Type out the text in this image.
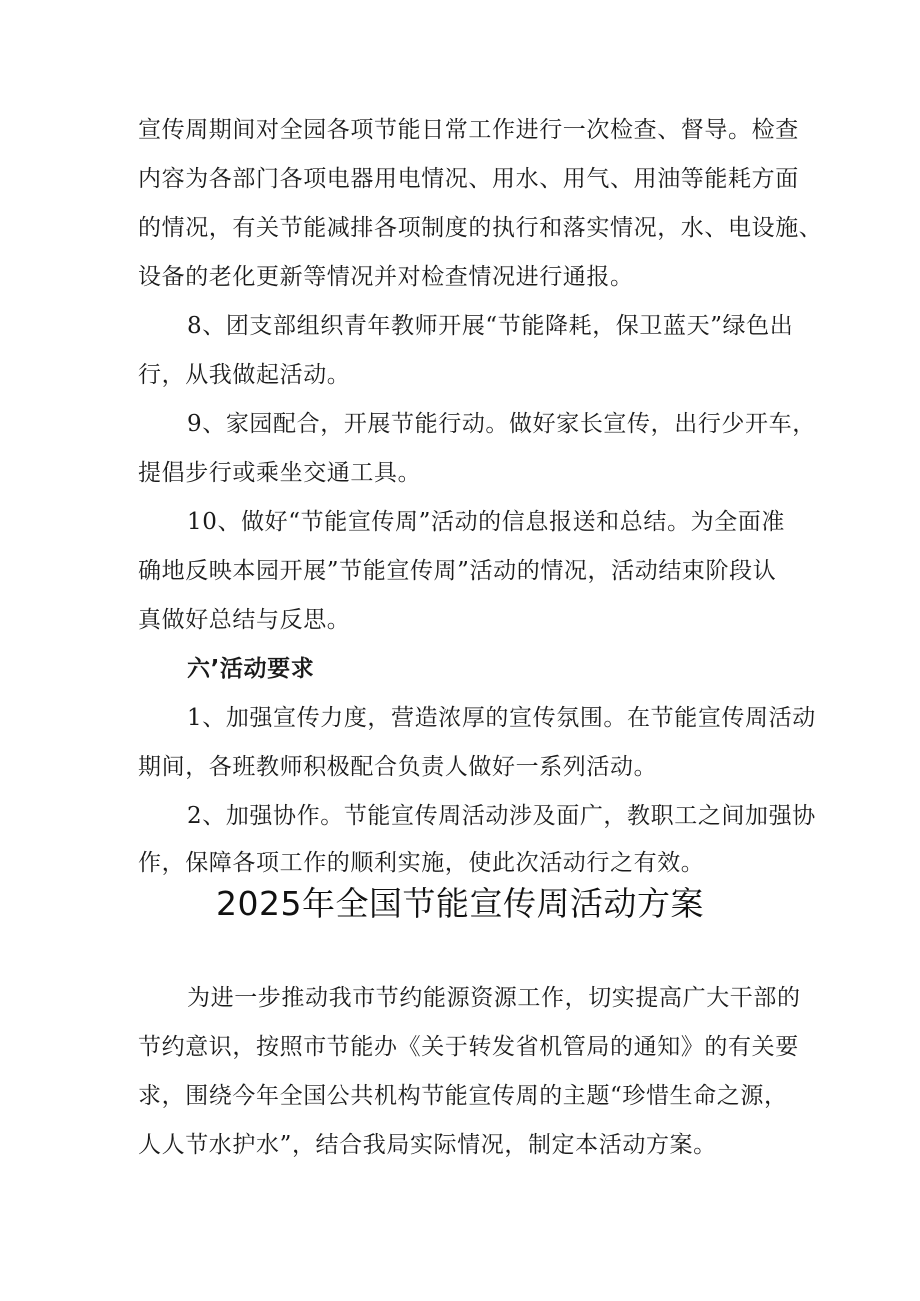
宣传周期间对全园各项节能日常工作进行一次检查、督导。检查
内容为各部门各项电器用电情况、用水、用气、用油等能耗方面
的情况，有关节能减排各项制度的执行和落实情况，水、电设施、
设备的老化更新等情况并对检查情况进行通报。
8、团支部组织青年教师开展“节能降耗，保卫蓝天”绿色出
行，从我做起活动。
9、家园配合，开展节能行动。做好家长宣传，出行少开车，
提倡步行或乘坐交通工具。
10、做好“节能宣传周”活动的信息报送和总结。为全面准
确地反映本园开展”节能宣传周”活动的情况，活动结束阶段认
真做好总结与反思。
六’活动要求
1、加强宣传力度，营造浓厚的宣传氛围。在节能宣传周活动
期间，各班教师积极配合负责人做好一系列活动。
2、加强协作。节能宣传周活动涉及面广，教职工之间加强协
作，保障各项工作的顺利实施，使此次活动行之有效。
2025年全国节能宣传周活动方案
为进一步推动我市节约能源资源工作，切实提高广大干部的
节约意识，按照市节能办《关于转发省机管局的通知》的有关要
求，围绕今年全国公共机构节能宣传周的主题“珍惜生命之源，
人人节水护水”，结合我局实际情况，制定本活动方案。
